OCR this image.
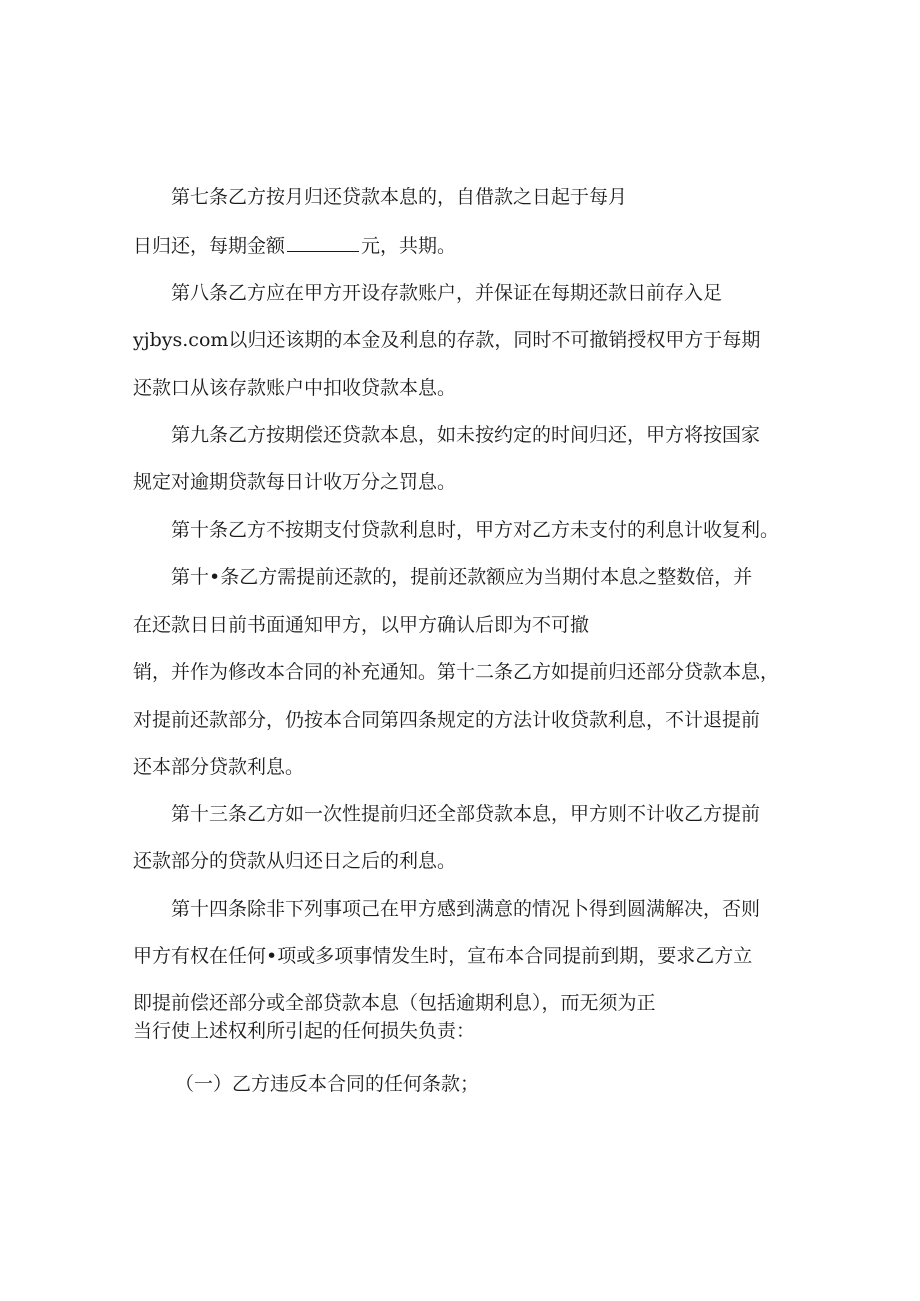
第七条乙方按月归还贷款本息的，自借款之日起于每月

日归还，每期金额	元，共期。

第八条乙方应在甲方开设存款账户，并保证在每期还款日前存入足

yjbys.com以归还该期的本金及利息的存款，同时不可撤销授权甲方于每期

还款口从该存款账户中扣收贷款本息。

第九条乙方按期偿还贷款本息，如未按约定的时间归还，甲方将按国家

规定对逾期贷款每日计收万分之罚息。

第十条乙方不按期支付贷款利息时，甲方对乙方未支付的利息计收复利。

第十•条乙方需提前还款的，提前还款额应为当期付本息之整数倍，并

在还款日日前书面通知甲方，以甲方确认后即为不可撤

销，并作为修改本合同的补充通知。第十二条乙方如提前归还部分贷款本息，

对提前还款部分，仍按本合同第四条规定的方法计收贷款利息，不计退提前

还本部分贷款利息。

第十三条乙方如一次性提前归还全部贷款本息，甲方则不计收乙方提前

还款部分的贷款从归还日之后的利息。

第十四条除非下列事项己在甲方感到满意的情况卜得到圆满解决，否则

甲方有权在任何•项或多项事情发生时，宣布本合同提前到期，要求乙方立

即提前偿还部分或全部贷款本息（包括逾期利息），而无须为正

当行使上述权利所引起的任何损失负责：

（一）乙方违反本合同的任何条款；
